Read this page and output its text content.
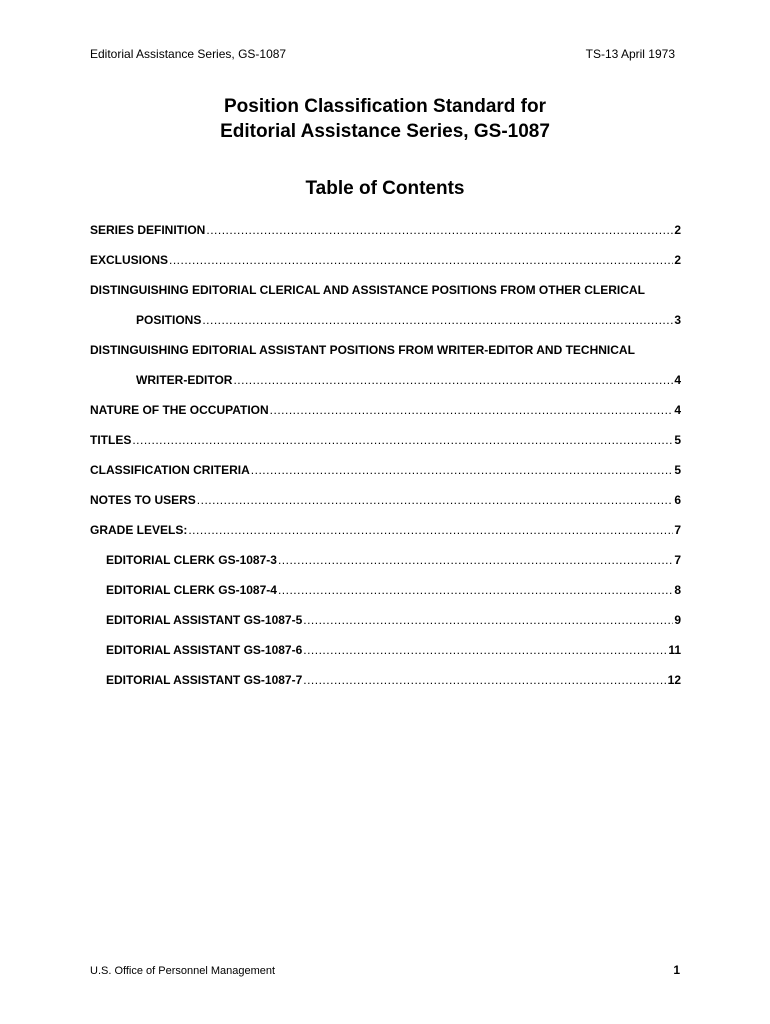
Editorial Assistance Series, GS-1087	TS-13 April 1973
Position Classification Standard for
Editorial Assistance Series, GS-1087
Table of Contents
SERIES DEFINITION .....	2
EXCLUSIONS .....	2
DISTINGUISHING EDITORIAL CLERICAL AND ASSISTANCE POSITIONS FROM OTHER CLERICAL
POSITIONS .....	3
DISTINGUISHING EDITORIAL ASSISTANT POSITIONS FROM WRITER-EDITOR AND TECHNICAL
WRITER-EDITOR .....	4
NATURE OF THE OCCUPATION .....	4
TITLES .....	5
CLASSIFICATION CRITERIA .....	5
NOTES TO USERS .....	6
GRADE LEVELS: .....	7
EDITORIAL CLERK GS-1087-3 .....	7
EDITORIAL CLERK GS-1087-4 .....	8
EDITORIAL ASSISTANT GS-1087-5 .....	9
EDITORIAL ASSISTANT GS-1087-6 .....	11
EDITORIAL ASSISTANT GS-1087-7 .....	12
U.S. Office of Personnel Management	1
